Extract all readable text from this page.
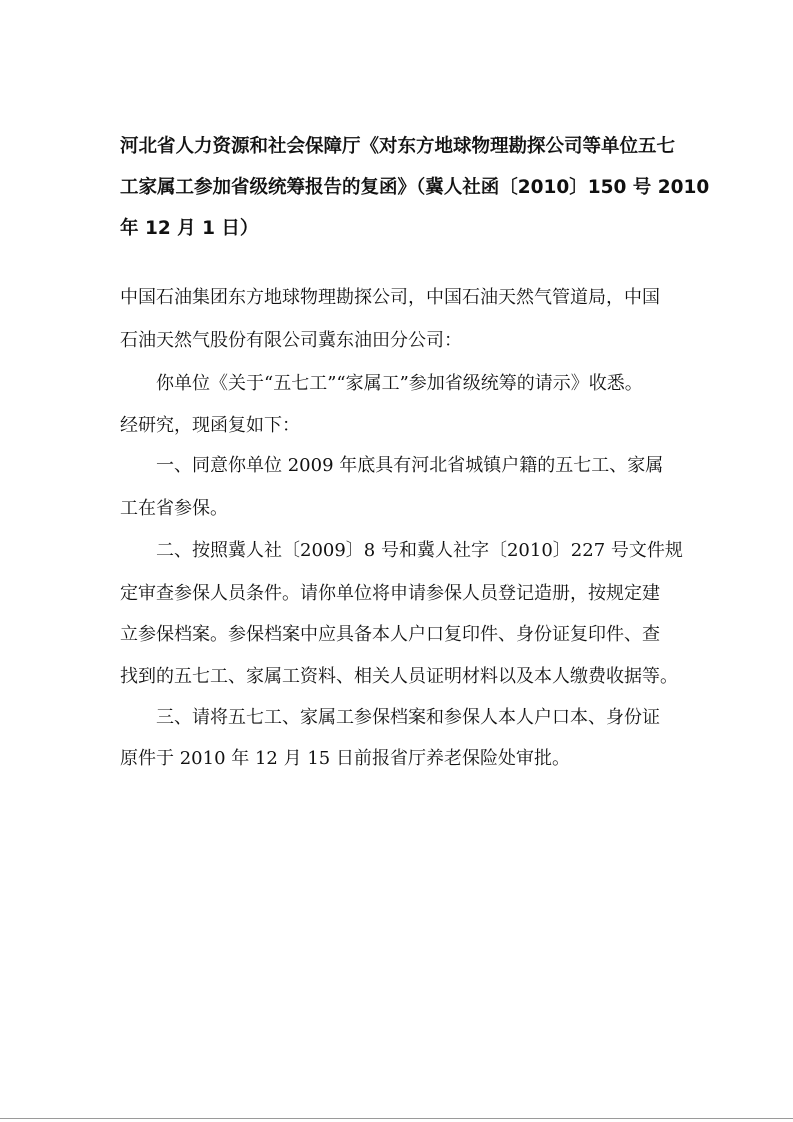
河北省人力资源和社会保障厅《对东方地球物理勘探公司等单位五七
工家属工参加省级统筹报告的复函》（冀人社函〔2010〕150 号 2010
年 12 月 1 日）

中国石油集团东方地球物理勘探公司，中国石油天然气管道局，中国

石油天然气股份有限公司冀东油田分公司：

你单位《关于“五七工”“家属工”参加省级统筹的请示》收悉。

经研究，现函复如下：

一、同意你单位 2009 年底具有河北省城镇户籍的五七工、家属

工在省参保。

二、按照冀人社〔2009〕8 号和冀人社字〔2010〕227 号文件规

定审查参保人员条件。请你单位将申请参保人员登记造册，按规定建

立参保档案。参保档案中应具备本人户口复印件、身份证复印件、查

找到的五七工、家属工资料、相关人员证明材料以及本人缴费收据等。

三、请将五七工、家属工参保档案和参保人本人户口本、身份证

原件于 2010 年 12 月 15 日前报省厅养老保险处审批。
